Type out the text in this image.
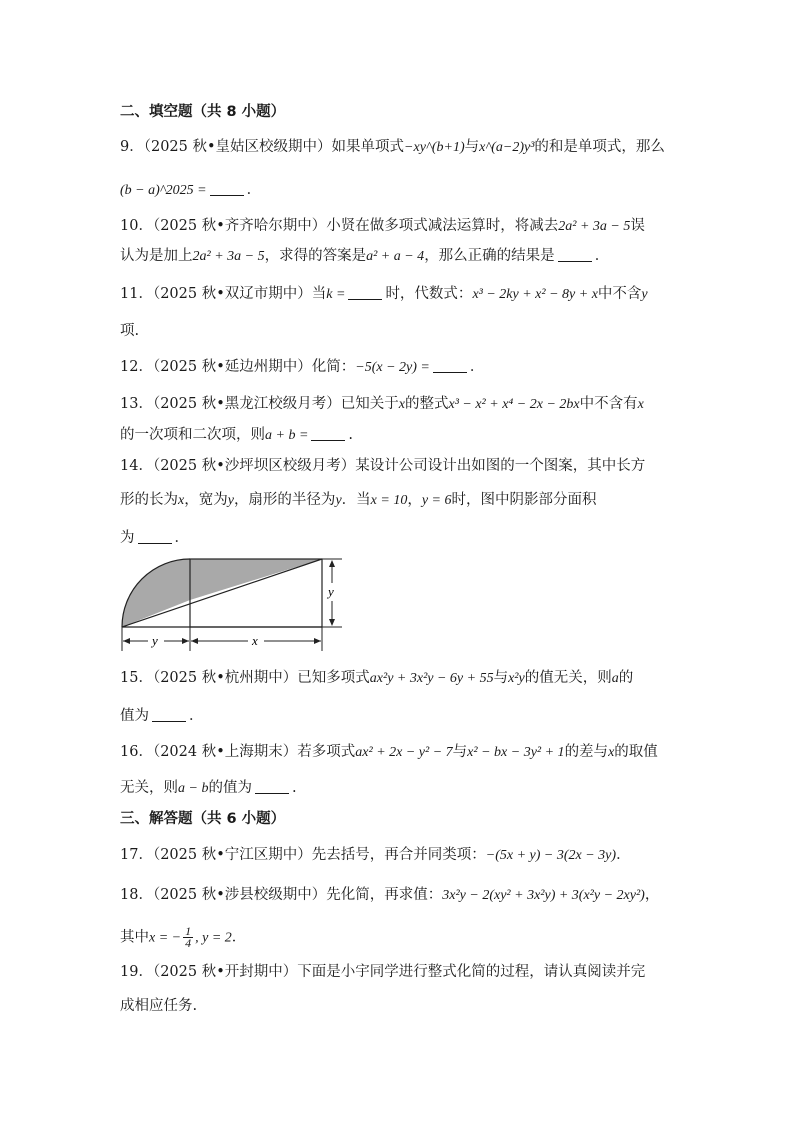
二、填空题（共 8 小题）
9．（2025 秋•皇姑区校级期中）如果单项式−xy^(b+1)与x^(a−2)y³的和是单项式，那么
(b − a)^2025 =	．
10．（2025 秋•齐齐哈尔期中）小贤在做多项式减法运算时，将减去2a² + 3a − 5误
认为是加上2a² + 3a − 5，求得的答案是a² + a − 4，那么正确的结果是	．
11．（2025 秋•双辽市期中）当k =	时，代数式：x³ − 2ky + x² − 8y + x中不含y
项.
12．（2025 秋•延边州期中）化简：−5(x − 2y) =	．
13．（2025 秋•黑龙江校级月考）已知关于x的整式x³ − x² + x⁴ − 2x − 2bx中不含有x
的一次项和二次项，则a + b =	.
14．（2025 秋•沙坪坝区校级月考）某设计公司设计出如图的一个图案，其中长方
形的长为x，宽为y，扇形的半径为y．当x = 10，y = 6时，图中阴影部分面积
为	．
y
y	x
15．（2025 秋•杭州期中）已知多项式ax²y + 3x²y − 6y + 55与x²y的值无关，则a的
值为	．
16．（2024 秋•上海期末）若多项式ax² + 2x − y² − 7与x² − bx − 3y² + 1的差与x的取值
无关，则a − b的值为	.
三、解答题（共 6 小题）
17．（2025 秋•宁江区期中）先去括号，再合并同类项：−(5x + y) − 3(2x − 3y)．
18．（2025 秋•涉县校级期中）先化简，再求值：3x²y − 2(xy² + 3x²y) + 3(x²y − 2xy²)，
其中x = − $\frac{1}{4}$ , y = 2．
19．（2025 秋•开封期中）下面是小宇同学进行整式化简的过程，请认真阅读并完
成相应任务.
